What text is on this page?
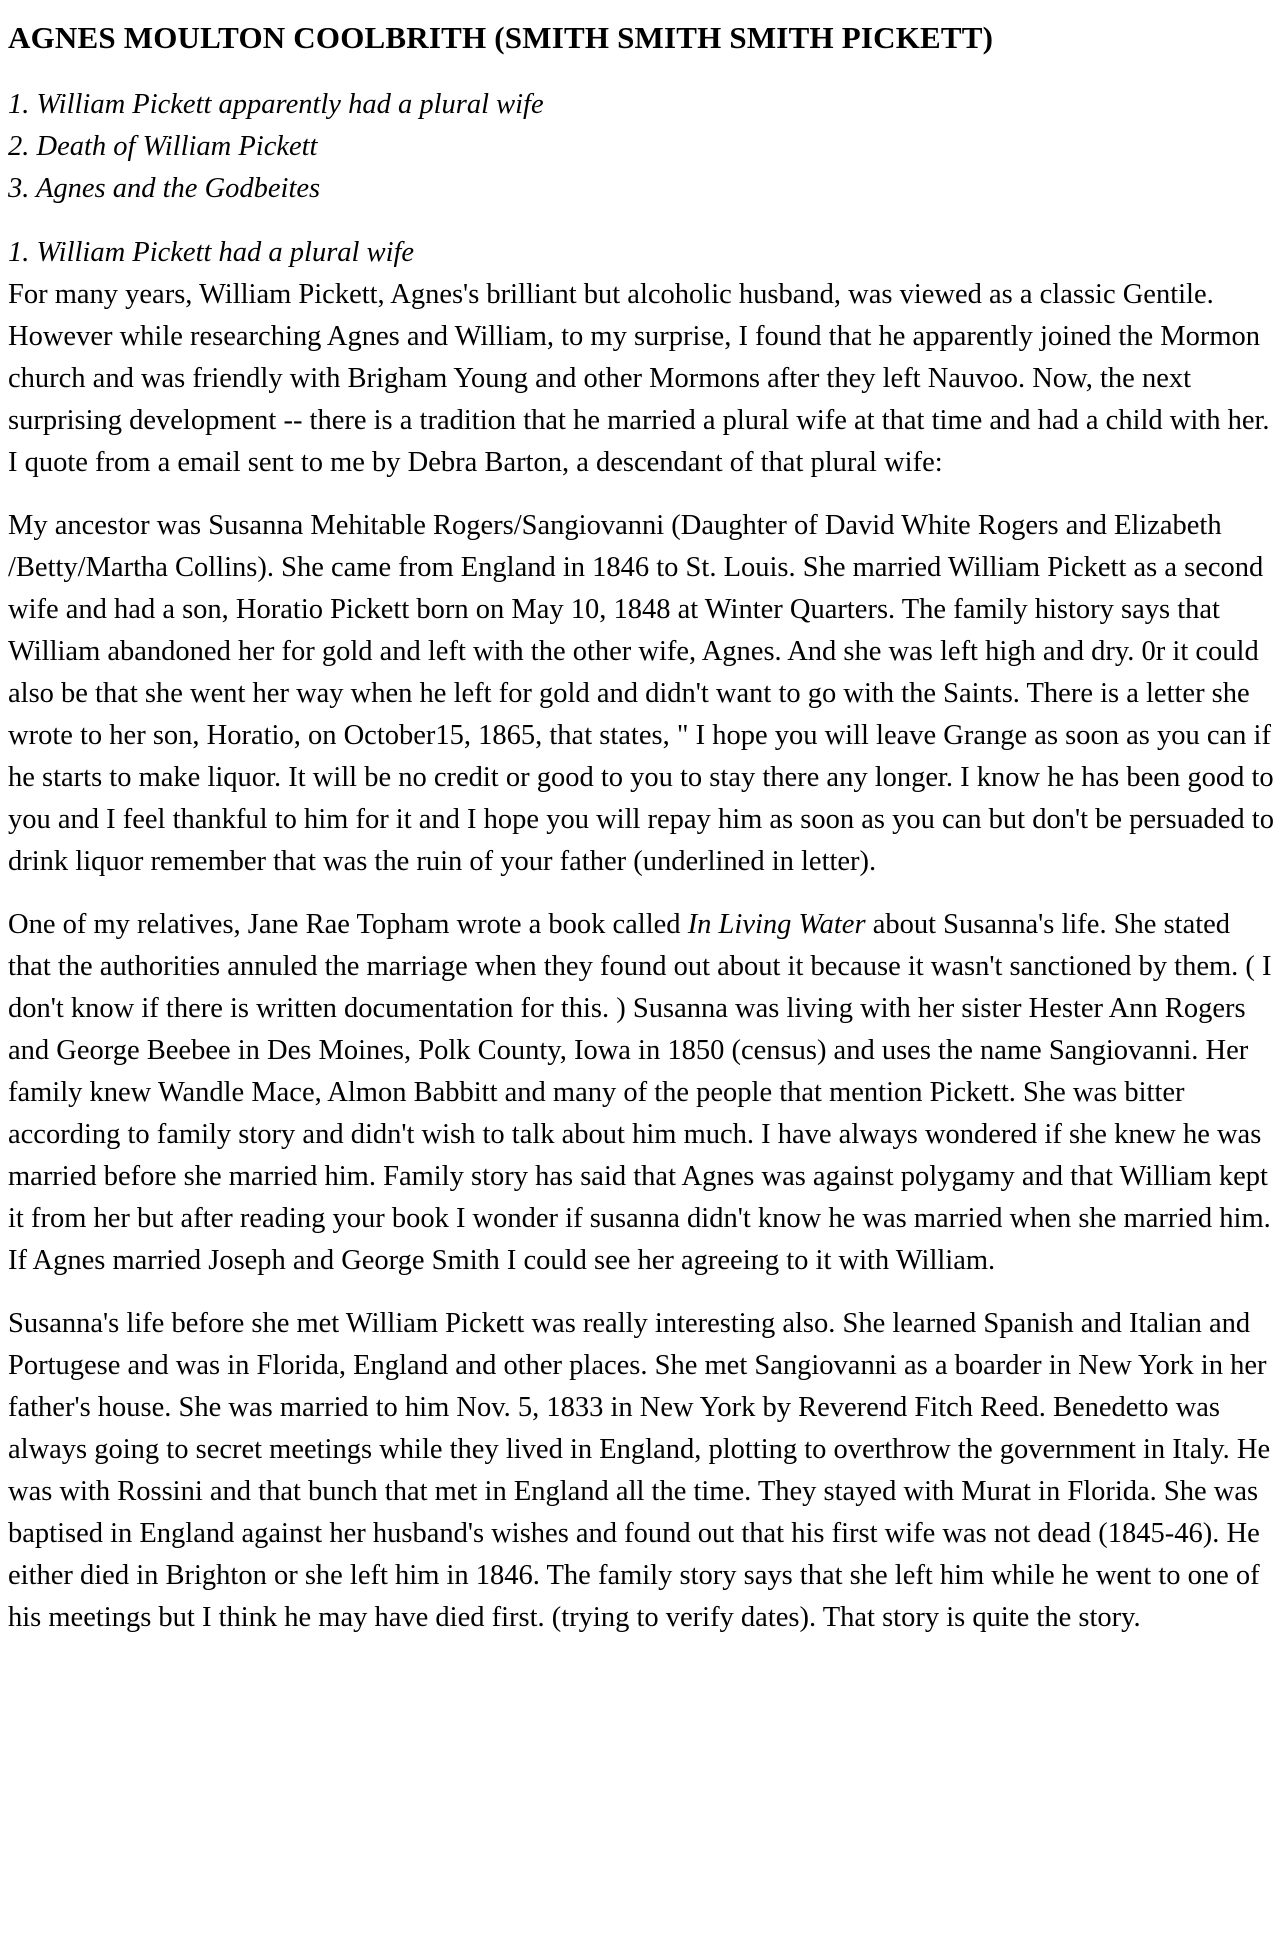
AGNES MOULTON COOLBRITH (SMITH SMITH SMITH PICKETT)
1. William Pickett apparently had a plural wife
2. Death of William Pickett
3. Agnes and the Godbeites
1. William Pickett had a plural wife

For many years, William Pickett, Agnes's brilliant but alcoholic husband, was viewed as a classic Gentile. However while researching Agnes and William, to my surprise, I found that he apparently joined the Mormon church and was friendly with Brigham Young and other Mormons after they left Nauvoo. Now, the next surprising development -- there is a tradition that he married a plural wife at that time and had a child with her. I quote from a email sent to me by Debra Barton, a descendant of that plural wife:

My ancestor was Susanna Mehitable Rogers/Sangiovanni (Daughter of David White Rogers and Elizabeth /Betty/Martha Collins). She came from England in 1846 to St. Louis. She married William Pickett as a second wife and had a son, Horatio Pickett born on May 10, 1848 at Winter Quarters. The family history says that William abandoned her for gold and left with the other wife, Agnes. And she was left high and dry. 0r it could also be that she went her way when he left for gold and didn't want to go with the Saints. There is a letter she wrote to her son, Horatio, on October15, 1865, that states, " I hope you will leave Grange as soon as you can if he starts to make liquor. It will be no credit or good to you to stay there any longer. I know he has been good to you and I feel thankful to him for it and I hope you will repay him as soon as you can but don't be persuaded to drink liquor remember that was the ruin of your father (underlined in letter).

One of my relatives, Jane Rae Topham wrote a book called In Living Water about Susanna's life. She stated that the authorities annuled the marriage when they found out about it because it wasn't sanctioned by them. ( I don't know if there is written documentation for this. ) Susanna was living with her sister Hester Ann Rogers and George Beebee in Des Moines, Polk County, Iowa in 1850 (census) and uses the name Sangiovanni. Her family knew Wandle Mace, Almon Babbitt and many of the people that mention Pickett. She was bitter according to family story and didn't wish to talk about him much. I have always wondered if she knew he was married before she married him. Family story has said that Agnes was against polygamy and that William kept it from her but after reading your book I wonder if susanna didn't know he was married when she married him. If Agnes married Joseph and George Smith I could see her agreeing to it with William.

Susanna's life before she met William Pickett was really interesting also. She learned Spanish and Italian and Portugese and was in Florida, England and other places. She met Sangiovanni as a boarder in New York in her father's house. She was married to him Nov. 5, 1833 in New York by Reverend Fitch Reed. Benedetto was always going to secret meetings while they lived in England, plotting to overthrow the government in Italy. He was with Rossini and that bunch that met in England all the time. They stayed with Murat in Florida. She was baptised in England against her husband's wishes and found out that his first wife was not dead (1845-46). He either died in Brighton or she left him in 1846. The family story says that she left him while he went to one of his meetings but I think he may have died first. (trying to verify dates). That story is quite the story.
